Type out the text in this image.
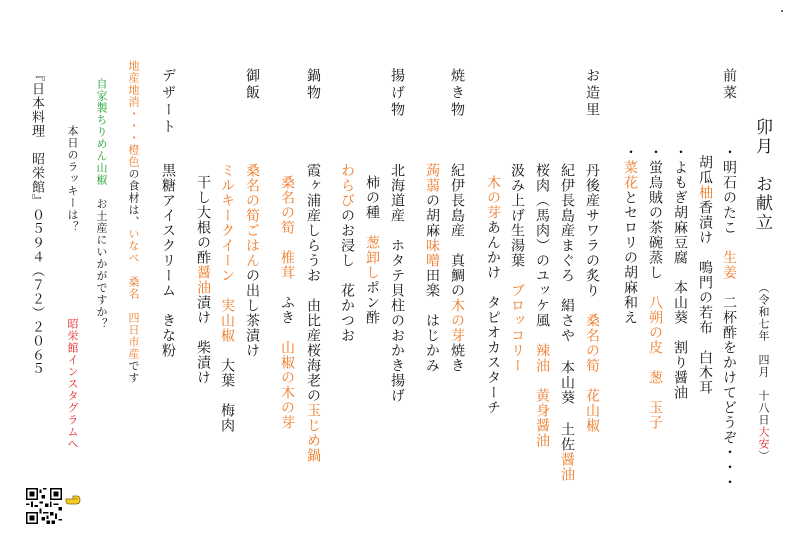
卯月　お献立
（令和七年　四月　十八日大安）
前菜
・明石のたこ　生姜　二杯酢をかけてどうぞ・・・
胡瓜柚香漬け　鳴門の若布　白木耳
・よもぎ胡麻豆腐　本山葵　割り醤油
・蛍烏賊の茶碗蒸し　八朔の皮　葱　玉子
・菜花とセロリの胡麻和え
お造里
丹後産サワラの炙り　桑名の筍　花山椒
紀伊長島産まぐろ　絹さや 本山葵 土佐醤油
桜肉（馬肉）のユッケ風　辣油　黄身醤油
汲み上げ生湯葉　ブロッコリー
木の芽あんかけ　タピオカスターチ
焼き物
紀伊長島産　真鯛の木の芽焼き
蒟蒻の胡麻味噌田楽　はじかみ
揚げ物
北海道産　ホタテ貝柱のおかき揚げ
柿の種　葱卸しポン酢
鍋物
霞ヶ浦産しらうお　由比産桜海老の玉じめ鍋
桑名の筍　椎茸　ふき　山椒の木の芽
わらびのお浸し　花かつお
御飯
桑名の筍ごはんの出し茶漬け
ミルキークイーン　実山椒　大葉　梅肉
干し大根の酢醤油漬け　柴漬け
デザート
黒糖アイスクリーム　きな粉
地産地消・・・橙色の食材は、いなべ　桑名　四日市産です
自家製ちりめん山椒　お土産にいかがですか？
本日のラッキーは？
昭栄館インスタグラムへ
『日本料理　昭栄館』０５９４（７２）２０６５
